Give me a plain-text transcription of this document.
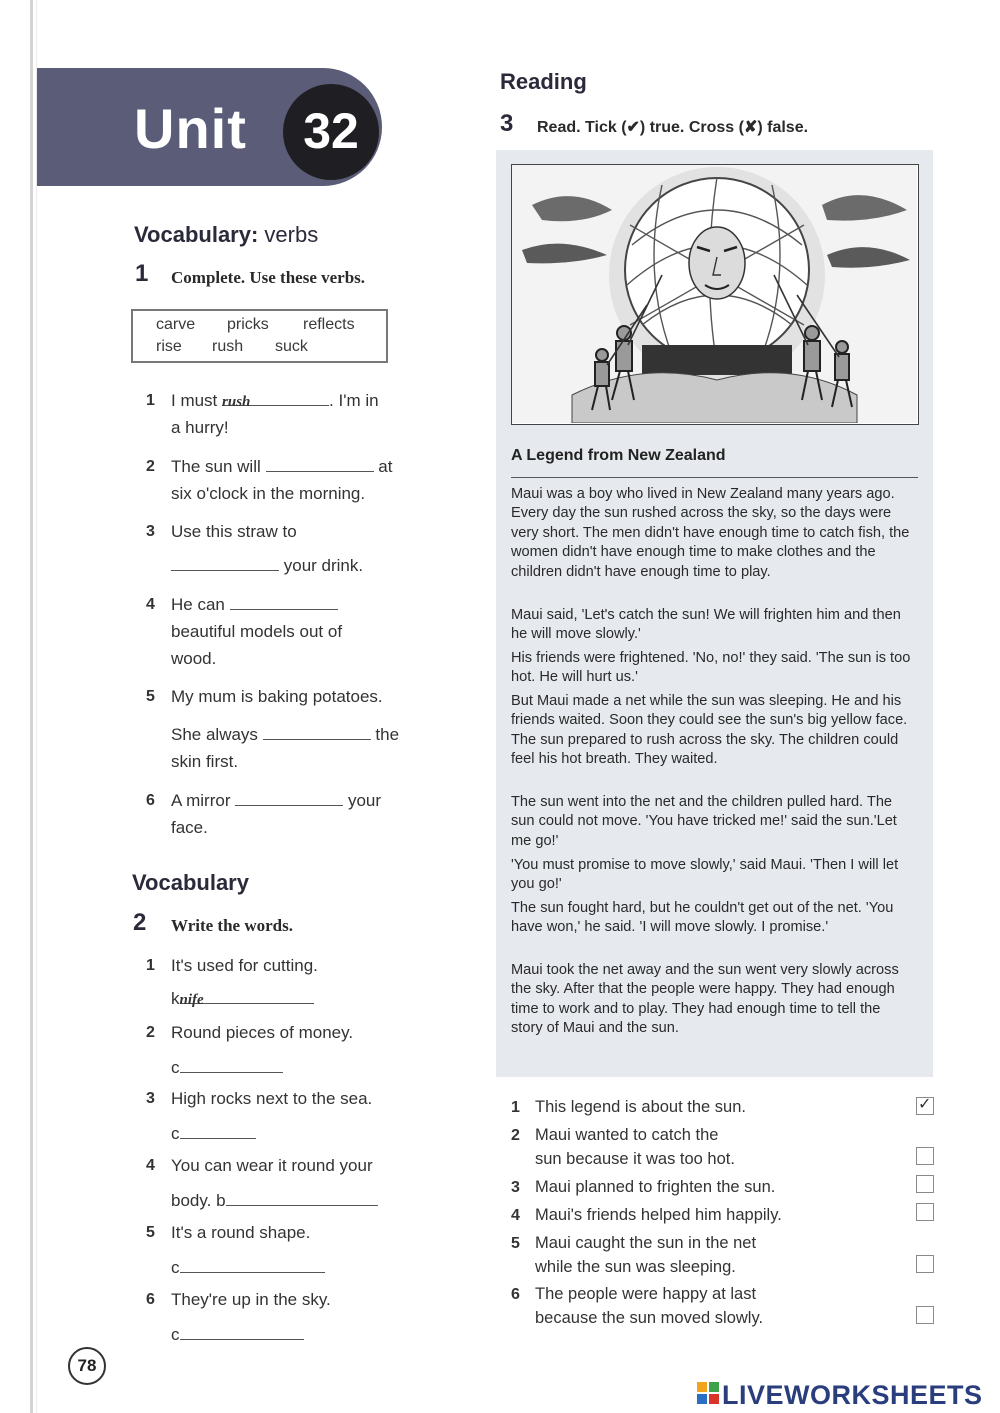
Unit	32
Vocabulary: verbs
1 Complete. Use these verbs.
carve pricks reflects
rise rush suck
1 I must rush	. I'm in
a hurry!
2 The sun will	at
six o'clock in the morning.
3 Use this straw to
your drink.
4 He can
beautiful models out of
wood.
5 My mum is baking potatoes.
She always	the
skin first.
6 A mirror	your
face.
Vocabulary
2 Write the words.
1 It's used for cutting.
knife
2 Round pieces of money.
c
3 High rocks next to the sea.
c
4 You can wear it round your
body. b
5 It's a round shape.
c
6 They're up in the sky.
c
Reading
3 Read. Tick (✔) true. Cross (✘) false.
A Legend from New Zealand
Maui was a boy who lived in New Zealand many years ago. Every day the sun rushed across the sky, so the days were very short. The men didn't have enough time to catch fish, the women didn't have enough time to make clothes and the children didn't have enough time to play.
Maui said, 'Let's catch the sun! We will frighten him and then he will move slowly.'
His friends were frightened. 'No, no!' they said. 'The sun is too hot. He will hurt us.'
But Maui made a net while the sun was sleeping. He and his friends waited. Soon they could see the sun's big yellow face. The sun prepared to rush across the sky. The children could feel his hot breath. They waited.
The sun went into the net and the children pulled hard. The sun could not move. 'You have tricked me!' said the sun.'Let me go!'
'You must promise to move slowly,' said Maui. 'Then I will let you go!'
The sun fought hard, but he couldn't get out of the net. 'You have won,' he said. 'I will move slowly. I promise.'
Maui took the net away and the sun went very slowly across the sky. After that the people were happy. They had enough time to work and to play. They had enough time to tell the story of Maui and the sun.
1 This legend is about the sun.	✓
2 Maui wanted to catch the
sun because it was too hot.
3 Maui planned to frighten the sun.
4 Maui's friends helped him happily.
5 Maui caught the sun in the net
while the sun was sleeping.
6 The people were happy at last
because the sun moved slowly.
78
LIVEWORKSHEETS
